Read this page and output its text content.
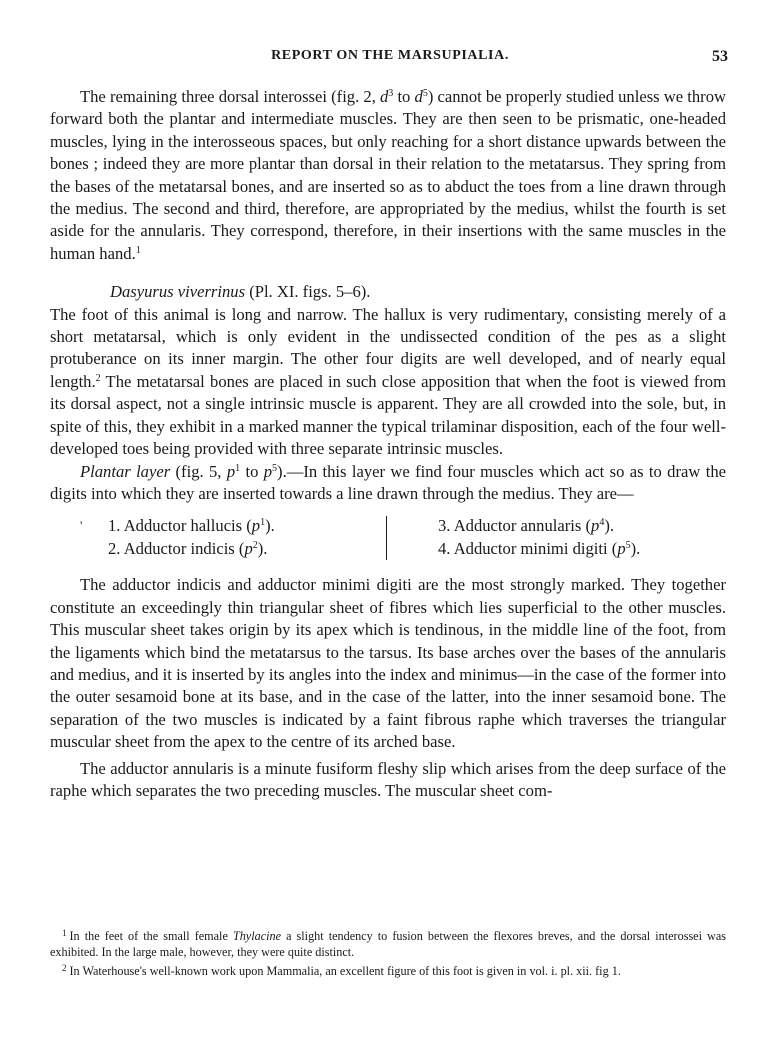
REPORT ON THE MARSUPIALIA.	53

The remaining three dorsal interossei (fig. 2, $d^3$ to $d^5$) cannot be properly studied unless we throw forward both the plantar and intermediate muscles. They are then seen to be prismatic, one-headed muscles, lying in the interosseous spaces, but only reaching for a short distance upwards between the bones ; indeed they are more plantar than dorsal in their relation to the metatarsus. They spring from the bases of the metatarsal bones, and are inserted so as to abduct the toes from a line drawn through the medius. The second and third, therefore, are appropriated by the medius, whilst the fourth is set aside for the annularis. They correspond, therefore, in their insertions with the same muscles in the human hand.$^1$

Dasyurus viverrinus (Pl. XI. figs. 5–6).

The foot of this animal is long and narrow. The hallux is very rudimentary, consisting merely of a short metatarsal, which is only evident in the undissected condition of the pes as a slight protuberance on its inner margin. The other four digits are well developed, and of nearly equal length.$^2$ The metatarsal bones are placed in such close apposition that when the foot is viewed from its dorsal aspect, not a single intrinsic muscle is apparent. They are all crowded into the sole, but, in spite of this, they exhibit in a marked manner the typical trilaminar disposition, each of the four well-developed toes being provided with three separate intrinsic muscles.

Plantar layer (fig. 5, $p^1$ to $p^5).—In$ this layer we find four muscles which act so as to draw the digits into which they are inserted towards a line drawn through the medius. They are—

' 1. Adductor hallucis $(p^1)$.
2. Adductor indicis $(p^2)$.
3. Adductor annularis $(p^4)$.
4. Adductor minimi digiti $(p^5)$.

The adductor indicis and adductor minimi digiti are the most strongly marked. They together constitute an exceedingly thin triangular sheet of fibres which lies superficial to the other muscles. This muscular sheet takes origin by its apex which is tendinous, in the middle line of the foot, from the ligaments which bind the metatarsus to the tarsus. Its base arches over the bases of the annularis and medius, and it is inserted by its angles into the index and minimus—in the case of the former into the outer sesamoid bone at its base, and in the case of the latter, into the inner sesamoid bone. The separation of the two muscles is indicated by a faint fibrous raphe which traverses the triangular muscular sheet from the apex to the centre of its arched base.

The adductor annularis is a minute fusiform fleshy slip which arises from the deep surface of the raphe which separates the two preceding muscles. The muscular sheet com-

$^1$ In the feet of the small female Thylacine a slight tendency to fusion between the flexores breves, and the dorsal interossei was exhibited. In the large male, however, they were quite distinct.

$^2$ In Waterhouse's well-known work upon Mammalia, an excellent figure of this foot is given in vol. i. pl. xii. fig 1.
